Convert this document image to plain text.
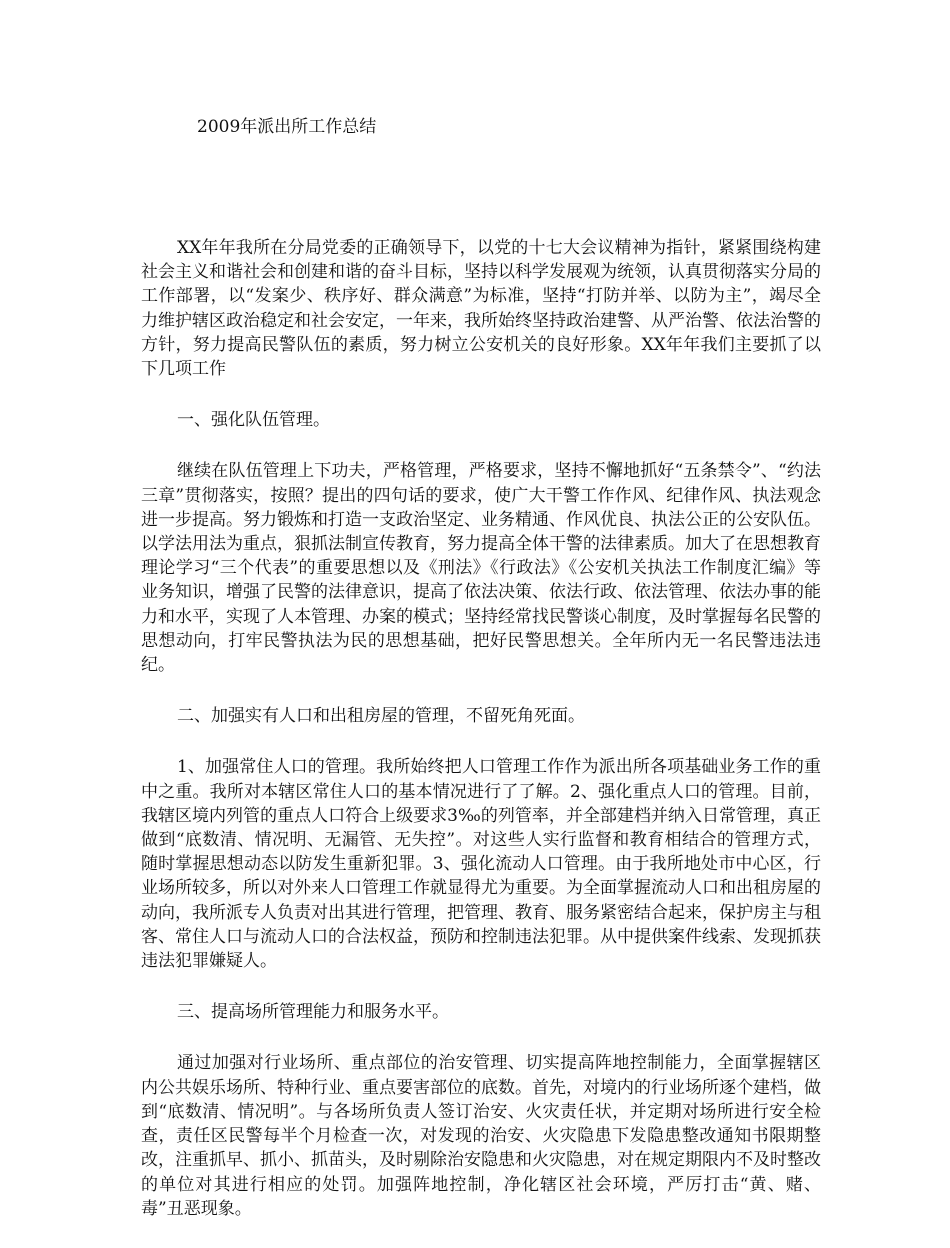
2009年派出所工作总结

XX年年我所在分局党委的正确领导下，以党的十七大会议精神为指针，紧紧围绕构建社会主义和谐社会和创建和谐的奋斗目标，坚持以科学发展观为统领，认真贯彻落实分局的工作部署，以“发案少、秩序好、群众满意”为标准，坚持“打防并举、以防为主”，竭尽全力维护辖区政治稳定和社会安定，一年来，我所始终坚持政治建警、从严治警、依法治警的方针，努力提高民警队伍的素质，努力树立公安机关的良好形象。XX年年我们主要抓了以下几项工作

一、强化队伍管理。

继续在队伍管理上下功夫，严格管理，严格要求，坚持不懈地抓好“五条禁令”、“约法三章”贯彻落实，按照？提出的四句话的要求，使广大干警工作作风、纪律作风、执法观念进一步提高。努力锻炼和打造一支政治坚定、业务精通、作风优良、执法公正的公安队伍。以学法用法为重点，狠抓法制宣传教育，努力提高全体干警的法律素质。加大了在思想教育理论学习“三个代表”的重要思想以及《刑法》《行政法》《公安机关执法工作制度汇编》等业务知识，增强了民警的法律意识，提高了依法决策、依法行政、依法管理、依法办事的能力和水平，实现了人本管理、办案的模式；坚持经常找民警谈心制度，及时掌握每名民警的思想动向，打牢民警执法为民的思想基础，把好民警思想关。全年所内无一名民警违法违纪。

二、加强实有人口和出租房屋的管理，不留死角死面。

1、加强常住人口的管理。我所始终把人口管理工作作为派出所各项基础业务工作的重中之重。我所对本辖区常住人口的基本情况进行了了解。2、强化重点人口的管理。目前，我辖区境内列管的重点人口符合上级要求3‰的列管率，并全部建档并纳入日常管理，真正做到“底数清、情况明、无漏管、无失控”。对这些人实行监督和教育相结合的管理方式，随时掌握思想动态以防发生重新犯罪。3、强化流动人口管理。由于我所地处市中心区，行业场所较多，所以对外来人口管理工作就显得尤为重要。为全面掌握流动人口和出租房屋的动向，我所派专人负责对出其进行管理，把管理、教育、服务紧密结合起来，保护房主与租客、常住人口与流动人口的合法权益，预防和控制违法犯罪。从中提供案件线索、发现抓获违法犯罪嫌疑人。

三、提高场所管理能力和服务水平。

通过加强对行业场所、重点部位的治安管理、切实提高阵地控制能力，全面掌握辖区内公共娱乐场所、特种行业、重点要害部位的底数。首先，对境内的行业场所逐个建档，做到“底数清、情况明”。与各场所负责人签订治安、火灾责任状，并定期对场所进行安全检查，责任区民警每半个月检查一次，对发现的治安、火灾隐患下发隐患整改通知书限期整改，注重抓早、抓小、抓苗头，及时剔除治安隐患和火灾隐患，对在规定期限内不及时整改的单位对其进行相应的处罚。加强阵地控制，净化辖区社会环境，严厉打击“黄、赌、毒”丑恶现象。
